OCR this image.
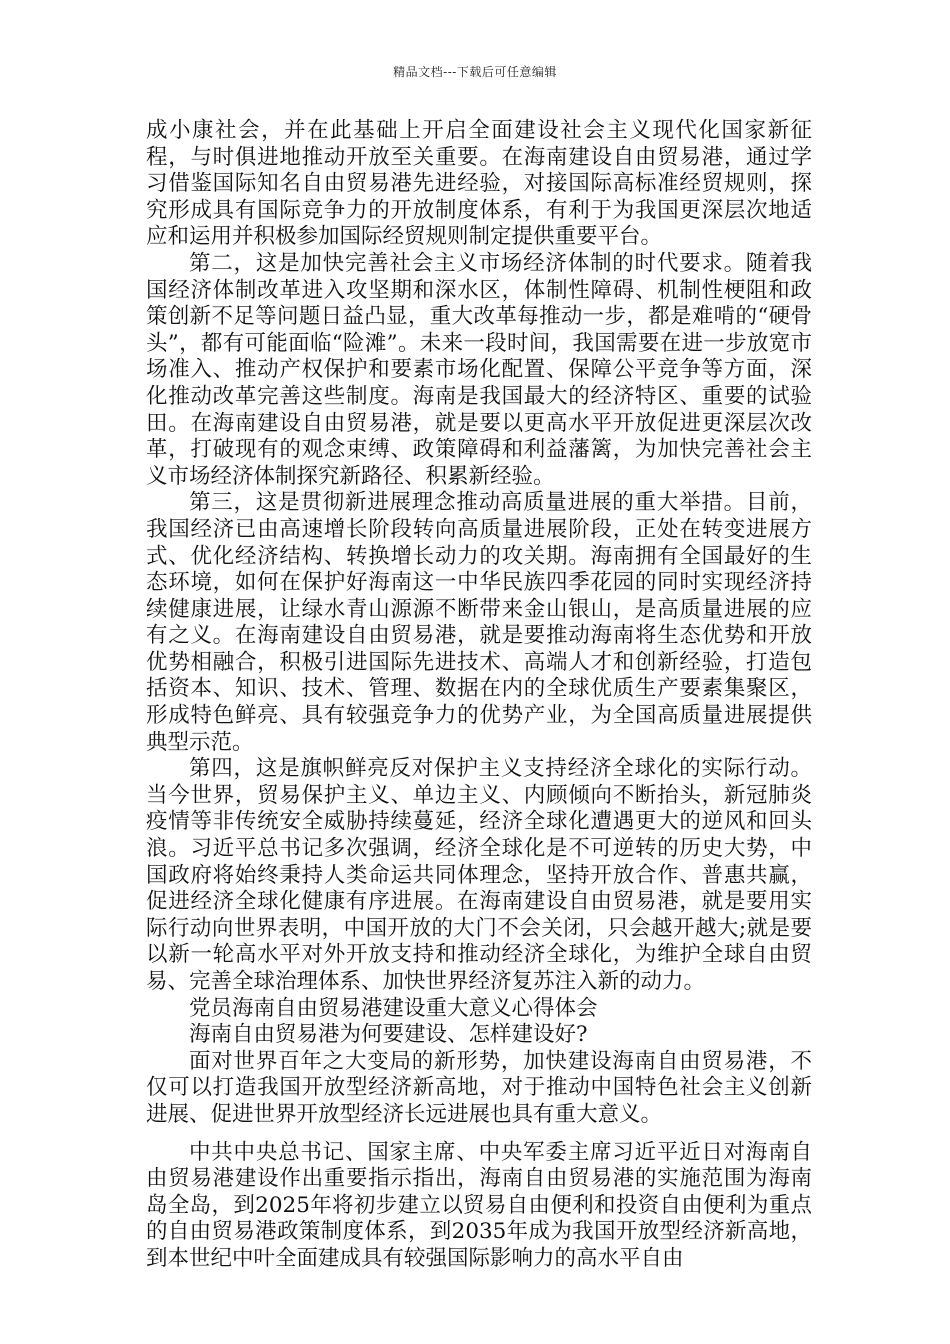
精品文档---下载后可任意编辑

成小康社会，并在此基础上开启全面建设社会主义现代化国家新征程，与时俱进地推动开放至关重要。在海南建设自由贸易港，通过学习借鉴国际知名自由贸易港先进经验，对接国际高标准经贸规则，探究形成具有国际竞争力的开放制度体系，有利于为我国更深层次地适应和运用并积极参加国际经贸规则制定提供重要平台。

第二，这是加快完善社会主义市场经济体制的时代要求。随着我国经济体制改革进入攻坚期和深水区，体制性障碍、机制性梗阻和政策创新不足等问题日益凸显，重大改革每推动一步，都是难啃的“硬骨头”，都有可能面临“险滩”。未来一段时间，我国需要在进一步放宽市场准入、推动产权保护和要素市场化配置、保障公平竞争等方面，深化推动改革完善这些制度。海南是我国最大的经济特区、重要的试验田。在海南建设自由贸易港，就是要以更高水平开放促进更深层次改革，打破现有的观念束缚、政策障碍和利益藩篱，为加快完善社会主义市场经济体制探究新路径、积累新经验。

第三，这是贯彻新进展理念推动高质量进展的重大举措。目前，我国经济已由高速增长阶段转向高质量进展阶段，正处在转变进展方式、优化经济结构、转换增长动力的攻关期。海南拥有全国最好的生态环境，如何在保护好海南这一中华民族四季花园的同时实现经济持续健康进展，让绿水青山源源不断带来金山银山，是高质量进展的应有之义。在海南建设自由贸易港，就是要推动海南将生态优势和开放优势相融合，积极引进国际先进技术、高端人才和创新经验，打造包括资本、知识、技术、管理、数据在内的全球优质生产要素集聚区，形成特色鲜亮、具有较强竞争力的优势产业，为全国高质量进展提供典型示范。

第四，这是旗帜鲜亮反对保护主义支持经济全球化的实际行动。当今世界，贸易保护主义、单边主义、内顾倾向不断抬头，新冠肺炎疫情等非传统安全威胁持续蔓延，经济全球化遭遇更大的逆风和回头浪。习近平总书记多次强调，经济全球化是不可逆转的历史大势，中国政府将始终秉持人类命运共同体理念，坚持开放合作、普惠共赢，促进经济全球化健康有序进展。在海南建设自由贸易港，就是要用实际行动向世界表明，中国开放的大门不会关闭，只会越开越大;就是要以新一轮高水平对外开放支持和推动经济全球化，为维护全球自由贸易、完善全球治理体系、加快世界经济复苏注入新的动力。

党员海南自由贸易港建设重大意义心得体会

海南自由贸易港为何要建设、怎样建设好?

面对世界百年之大变局的新形势，加快建设海南自由贸易港，不仅可以打造我国开放型经济新高地，对于推动中国特色社会主义创新进展、促进世界开放型经济长远进展也具有重大意义。

中共中央总书记、国家主席、中央军委主席习近平近日对海南自由贸易港建设作出重要指示指出，海南自由贸易港的实施范围为海南岛全岛，到2025年将初步建立以贸易自由便利和投资自由便利为重点的自由贸易港政策制度体系，到2035年成为我国开放型经济新高地，到本世纪中叶全面建成具有较强国际影响力的高水平自由
